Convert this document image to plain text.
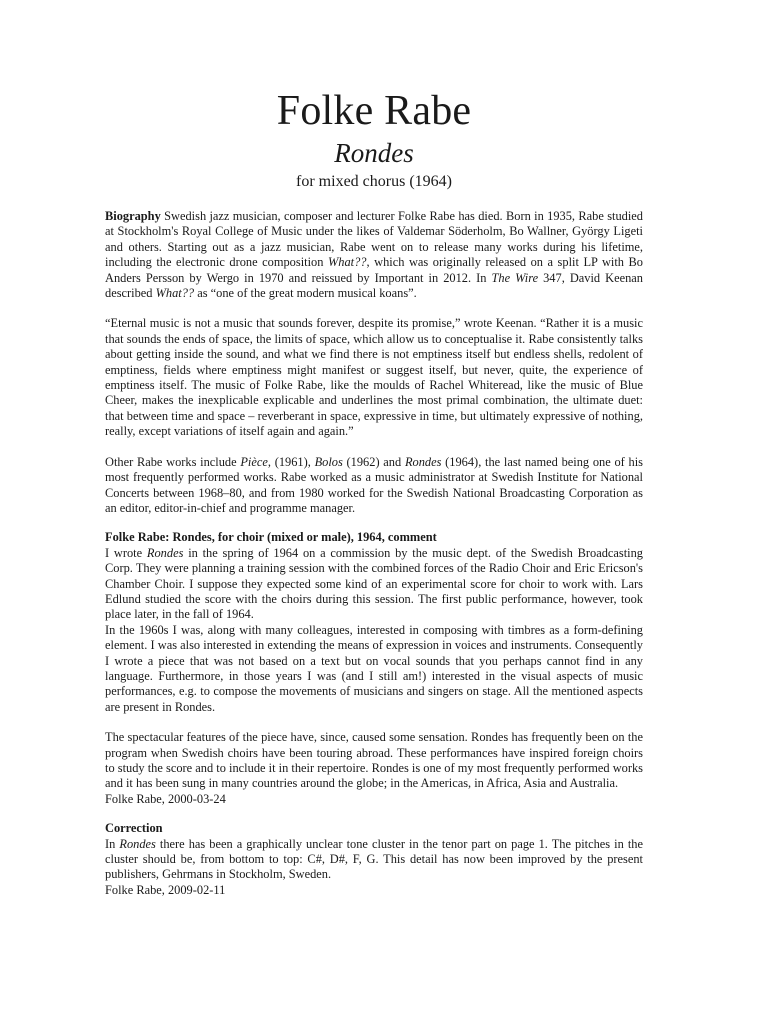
Folke Rabe
Rondes
for mixed chorus (1964)

Biography Swedish jazz musician, composer and lecturer Folke Rabe has died. Born in 1935, Rabe studied at Stockholm's Royal College of Music under the likes of Valdemar Söderholm, Bo Wallner, György Ligeti and others. Starting out as a jazz musician, Rabe went on to release many works during his lifetime, including the electronic drone composition What??, which was originally released on a split LP with Bo Anders Persson by Wergo in 1970 and reissued by Important in 2012. In The Wire 347, David Keenan described What?? as “one of the great modern musical koans”.

“Eternal music is not a music that sounds forever, despite its promise,” wrote Keenan. “Rather it is a music that sounds the ends of space, the limits of space, which allow us to conceptualise it. Rabe consistently talks about getting inside the sound, and what we find there is not emptiness itself but endless shells, redolent of emptiness, fields where emptiness might manifest or suggest itself, but never, quite, the experience of emptiness itself. The music of Folke Rabe, like the moulds of Rachel Whiteread, like the music of Blue Cheer, makes the inexplicable explicable and underlines the most primal combination, the ultimate duet: that between time and space – reverberant in space, expressive in time, but ultimately expressive of nothing, really, except variations of itself again and again.”

Other Rabe works include Pièce, (1961), Bolos (1962) and Rondes (1964), the last named being one of his most frequently performed works. Rabe worked as a music administrator at Swedish Institute for National Concerts between 1968–80, and from 1980 worked for the Swedish National Broadcasting Corporation as an editor, editor-in-chief and programme manager.

Folke Rabe: Rondes, for choir (mixed or male), 1964, comment

I wrote Rondes in the spring of 1964 on a commission by the music dept. of the Swedish Broadcasting Corp. They were planning a training session with the combined forces of the Radio Choir and Eric Ericson's Chamber Choir. I suppose they expected some kind of an experimental score for choir to work with. Lars Edlund studied the score with the choirs during this session. The first public performance, however, took place later, in the fall of 1964.

In the 1960s I was, along with many colleagues, interested in composing with timbres as a form-defining element. I was also interested in extending the means of expression in voices and instruments. Consequently I wrote a piece that was not based on a text but on vocal sounds that you perhaps cannot find in any language. Furthermore, in those years I was (and I still am!) interested in the visual aspects of music performances, e.g. to compose the movements of musicians and singers on stage. All the mentioned aspects are present in Rondes.

The spectacular features of the piece have, since, caused some sensation. Rondes has frequently been on the program when Swedish choirs have been touring abroad. These performances have inspired foreign choirs to study the score and to include it in their repertoire. Rondes is one of my most frequently performed works and it has been sung in many countries around the globe; in the Americas, in Africa, Asia and Australia.

Folke Rabe, 2000-03-24
Correction

In Rondes there has been a graphically unclear tone cluster in the tenor part on page 1. The pitches in the cluster should be, from bottom to top: C#, D#, F, G. This detail has now been improved by the present publishers, Gehrmans in Stockholm, Sweden.

Folke Rabe, 2009-02-11
